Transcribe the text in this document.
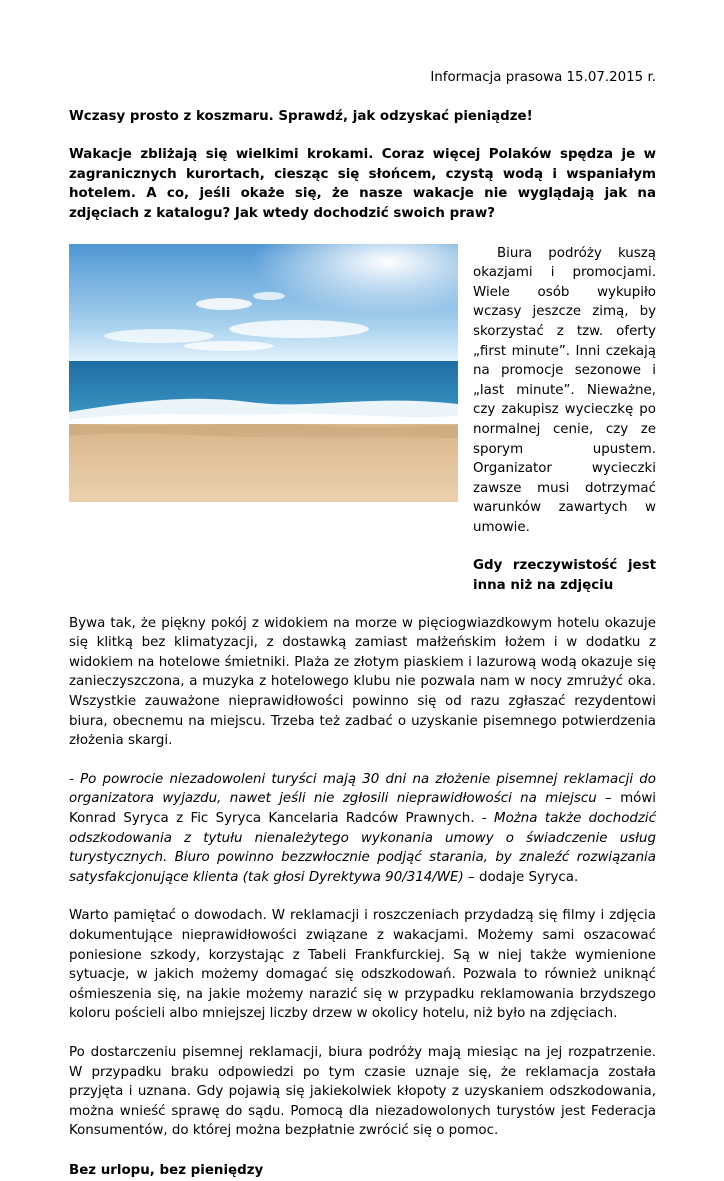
Informacja prasowa 15.07.2015 r.

Wczasy prosto z koszmaru. Sprawdź, jak odzyskać pieniądze!

Wakacje zbliżają się wielkimi krokami. Coraz więcej Polaków spędza je w zagranicznych kurortach, ciesząc się słońcem, czystą wodą i wspaniałym hotelem. A co, jeśli okaże się, że nasze wakacje nie wyglądają jak na zdjęciach z katalogu? Jak wtedy dochodzić swoich praw?

Biura podróży kuszą okazjami i promocjami. Wiele osób wykupiło wczasy jeszcze zimą, by skorzystać z tzw. oferty „first minute”. Inni czekają na promocje sezonowe i „last minute”. Nieważne, czy zakupisz wycieczkę po normalnej cenie, czy ze sporym upustem. Organizator wycieczki zawsze musi dotrzymać warunków zawartych w umowie.

Gdy rzeczywistość jest inna niż na zdjęciu

Bywa tak, że piękny pokój z widokiem na morze w pięciogwiazdkowym hotelu okazuje się klitką bez klimatyzacji, z dostawką zamiast małżeńskim łożem i w dodatku z widokiem na hotelowe śmietniki. Plaża ze złotym piaskiem i lazurową wodą okazuje się zanieczyszczona, a muzyka z hotelowego klubu nie pozwala nam w nocy zmrużyć oka. Wszystkie zauważone nieprawidłowości powinno się od razu zgłaszać rezydentowi biura, obecnemu na miejscu. Trzeba też zadbać o uzyskanie pisemnego potwierdzenia złożenia skargi.

- Po powrocie niezadowoleni turyści mają 30 dni na złożenie pisemnej reklamacji do organizatora wyjazdu, nawet jeśli nie zgłosili nieprawidłowości na miejscu – mówi Konrad Syryca z Fic Syryca Kancelaria Radców Prawnych. - Można także dochodzić odszkodowania z tytułu nienależytego wykonania umowy o świadczenie usług turystycznych. Biuro powinno bezzwłocznie podjąć starania, by znaleźć rozwiązania satysfakcjonujące klienta (tak głosi Dyrektywa 90/314/WE) – dodaje Syryca.

Warto pamiętać o dowodach. W reklamacji i roszczeniach przydadzą się filmy i zdjęcia dokumentujące nieprawidłowości związane z wakacjami. Możemy sami oszacować poniesione szkody, korzystając z Tabeli Frankfurckiej. Są w niej także wymienione sytuacje, w jakich możemy domagać się odszkodowań. Pozwala to również uniknąć ośmieszenia się, na jakie możemy narazić się w przypadku reklamowania brzydszego koloru pościeli albo mniejszej liczby drzew w okolicy hotelu, niż było na zdjęciach.

Po dostarczeniu pisemnej reklamacji, biura podróży mają miesiąc na jej rozpatrzenie. W przypadku braku odpowiedzi po tym czasie uznaje się, że reklamacja została przyjęta i uznana. Gdy pojawią się jakiekolwiek kłopoty z uzyskaniem odszkodowania, można wnieść sprawę do sądu. Pomocą dla niezadowolonych turystów jest Federacja Konsumentów, do której można bezpłatnie zwrócić się o pomoc.

Bez urlopu, bez pieniędzy
